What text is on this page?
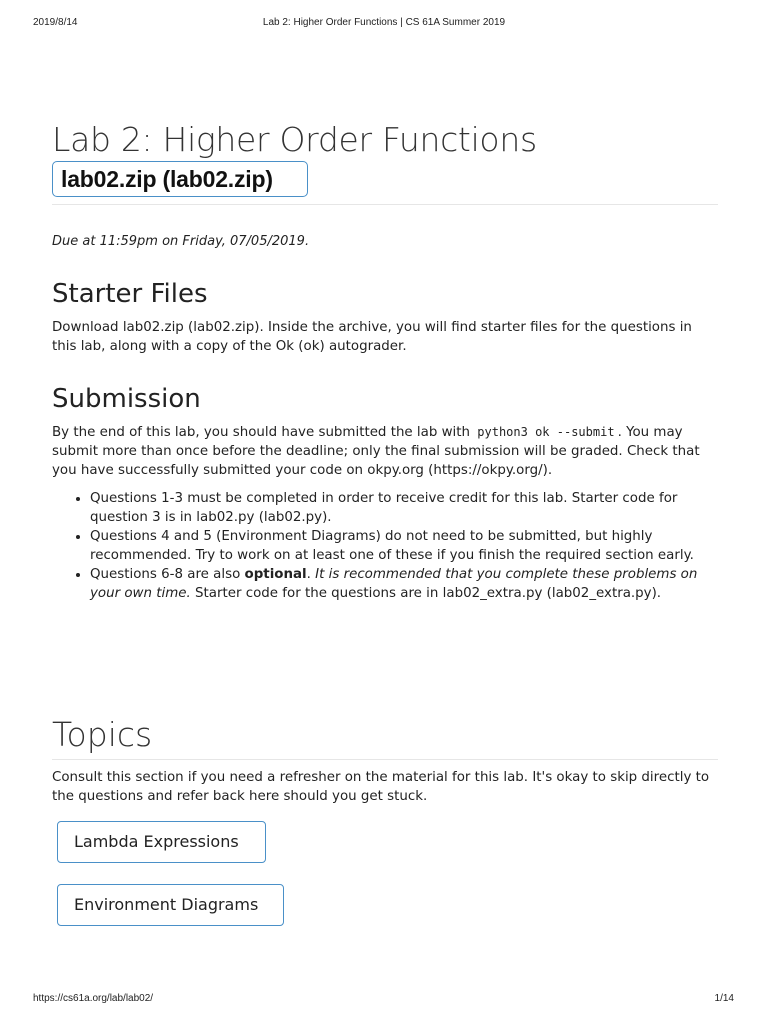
2019/8/14	Lab 2: Higher Order Functions | CS 61A Summer 2019
Lab 2: Higher Order Functions
lab02.zip (lab02.zip)
Due at 11:59pm on Friday, 07/05/2019.
Starter Files

Download lab02.zip (lab02.zip). Inside the archive, you will find starter files for the questions in this lab, along with a copy of the Ok (ok) autograder.

Submission

By the end of this lab, you should have submitted the lab with python3 ok --submit . You may submit more than once before the deadline; only the final submission will be graded. Check that you have successfully submitted your code on okpy.org (https://okpy.org/).

• Questions 1-3 must be completed in order to receive credit for this lab. Starter code for question 3 is in lab02.py (lab02.py).
• Questions 4 and 5 (Environment Diagrams) do not need to be submitted, but highly recommended. Try to work on at least one of these if you finish the required section early.
• Questions 6-8 are also optional. It is recommended that you complete these problems on your own time. Starter code for the questions are in lab02_extra.py (lab02_extra.py).
Topics

Consult this section if you need a refresher on the material for this lab. It's okay to skip directly to the questions and refer back here should you get stuck.

Lambda Expressions
Environment Diagrams
https://cs61a.org/lab/lab02/	1/14
